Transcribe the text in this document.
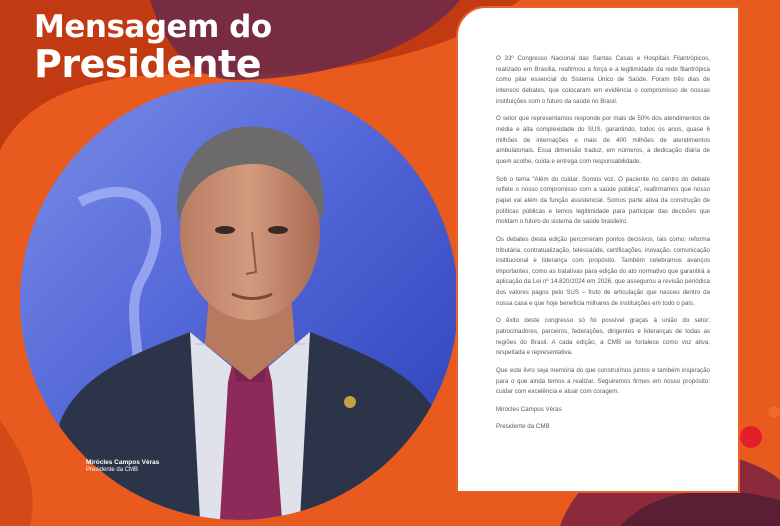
Mensagem do
Presidente
Mirócles Campos Véras
Presidente da CMB

O 33º Congresso Nacional das Santas Casas e Hospitais Filantrópicos, realizado em Brasília, reafirmou a força e a legitimidade da rede filantrópica como pilar essencial do Sistema Único de Saúde. Foram três dias de intensos debates, que colocaram em evidência o compromisso de nossas instituições com o futuro da saúde no Brasil.

O setor que representamos responde por mais de 50% dos atendimentos de média e alta complexidade do SUS, garantindo, todos os anos, quase 6 milhões de internações e mais de 400 milhões de atendimentos ambulatoriais. Essa dimensão traduz, em números, a dedicação diária de quem acolhe, cuida e entrega com responsabilidade.

Sob o tema “Além do cuidar. Somos voz. O paciente no centro do debate reflete o nosso compromisso com a saúde pública”, reafirmamos que nosso papel vai além da função assistencial. Somos parte ativa da construção de políticas públicas e temos legitimidade para participar das decisões que moldam o futuro do sistema de saúde brasileiro.

Os debates desta edição percorreram pontos decisivos, tais como: reforma tributária, contratualização, telessaúde, certificações, inovação, comunicação institucional e liderança com propósito. Também celebramos avanços importantes, como as tratativas para edição do ato normativo que garantirá a aplicação da Lei nº 14.820/2024 em 2026, que assegurou a revisão periódica dos valores pagos pelo SUS – fruto de articulação que nasceu dentro da nossa casa e que hoje beneficia milhares de instituições em todo o país.

O êxito deste congresso só foi possível graças à união do setor: patrocinadores, parceiros, federações, dirigentes e lideranças de todas as regiões do Brasil. A cada edição, a CMB se fortalece como voz ativa, respeitada e representativa.

Que este livro seja memória do que construímos juntos e também inspiração para o que ainda temos a realizar. Seguiremos firmes em nosso propósito: cuidar com excelência e atuar com coragem.

Mirócles Campos Véras

Presidente da CMB
